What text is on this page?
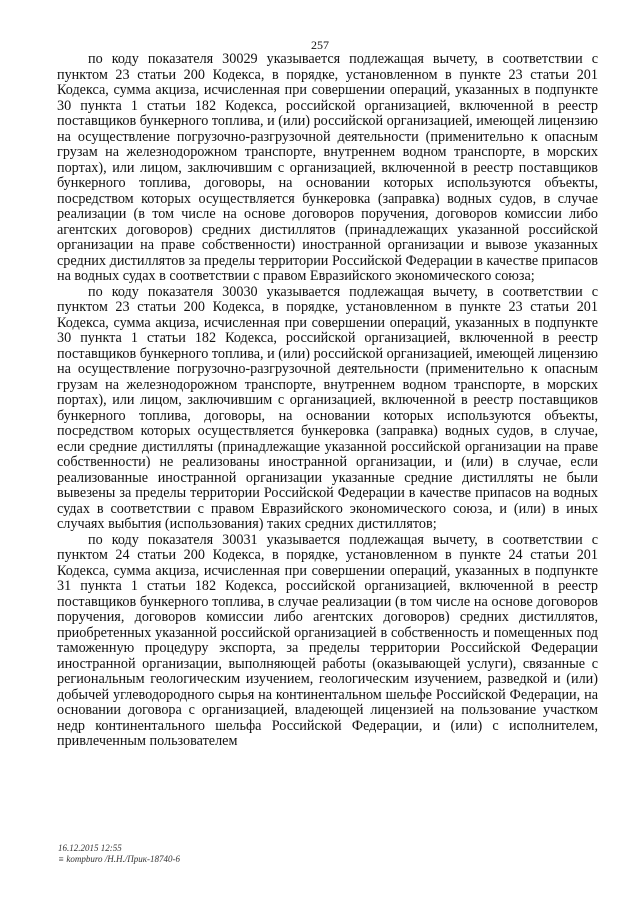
257

по коду показателя 30029 указывается подлежащая вычету, в соответствии с пунктом 23 статьи 200 Кодекса, в порядке, установленном в пункте 23 статьи 201 Кодекса, сумма акциза, исчисленная при совершении операций, указанных в подпункте 30 пункта 1 статьи 182 Кодекса, российской организацией, включенной в реестр поставщиков бункерного топлива, и (или) российской организацией, имеющей лицензию на осуществление погрузочно-разгрузочной деятельности (применительно к опасным грузам на железнодорожном транспорте, внутреннем водном транспорте, в морских портах), или лицом, заключившим с организацией, включенной в реестр поставщиков бункерного топлива, договоры, на основании которых используются объекты, посредством которых осуществляется бункеровка (заправка) водных судов, в случае реализации (в том числе на основе договоров поручения, договоров комиссии либо агентских договоров) средних дистиллятов (принадлежащих указанной российской организации на праве собственности) иностранной организации и вывозе указанных средних дистиллятов за пределы территории Российской Федерации в качестве припасов на водных судах в соответствии с правом Евразийского экономического союза;

по коду показателя 30030 указывается подлежащая вычету, в соответствии с пунктом 23 статьи 200 Кодекса, в порядке, установленном в пункте 23 статьи 201 Кодекса, сумма акциза, исчисленная при совершении операций, указанных в подпункте 30 пункта 1 статьи 182 Кодекса, российской организацией, включенной в реестр поставщиков бункерного топлива, и (или) российской организацией, имеющей лицензию на осуществление погрузочно-разгрузочной деятельности (применительно к опасным грузам на железнодорожном транспорте, внутреннем водном транспорте, в морских портах), или лицом, заключившим с организацией, включенной в реестр поставщиков бункерного топлива, договоры, на основании которых используются объекты, посредством которых осуществляется бункеровка (заправка) водных судов, в случае, если средние дистилляты (принадлежащие указанной российской организации на праве собственности) не реализованы иностранной организации, и (или) в случае, если реализованные иностранной организации указанные средние дистилляты не были вывезены за пределы территории Российской Федерации в качестве припасов на водных судах в соответствии с правом Евразийского экономического союза, и (или) в иных случаях выбытия (использования) таких средних дистиллятов;

по коду показателя 30031 указывается подлежащая вычету, в соответствии с пунктом 24 статьи 200 Кодекса, в порядке, установленном в пункте 24 статьи 201 Кодекса, сумма акциза, исчисленная при совершении операций, указанных в подпункте 31 пункта 1 статьи 182 Кодекса, российской организацией, включенной в реестр поставщиков бункерного топлива, в случае реализации (в том числе на основе договоров поручения, договоров комиссии либо агентских договоров) средних дистиллятов, приобретенных указанной российской организацией в собственность и помещенных под таможенную процедуру экспорта, за пределы территории Российской Федерации иностранной организации, выполняющей работы (оказывающей услуги), связанные с региональным геологическим изучением, геологическим изучением, разведкой и (или) добычей углеводородного сырья на континентальном шельфе Российской Федерации, на основании договора с организацией, владеющей лицензией на пользование участком недр континентального шельфа Российской Федерации, и (или) с исполнителем, привлеченным пользователем

16.12.2015 12:55
≡ kompburo /Н.Н./Прик-18740-6
